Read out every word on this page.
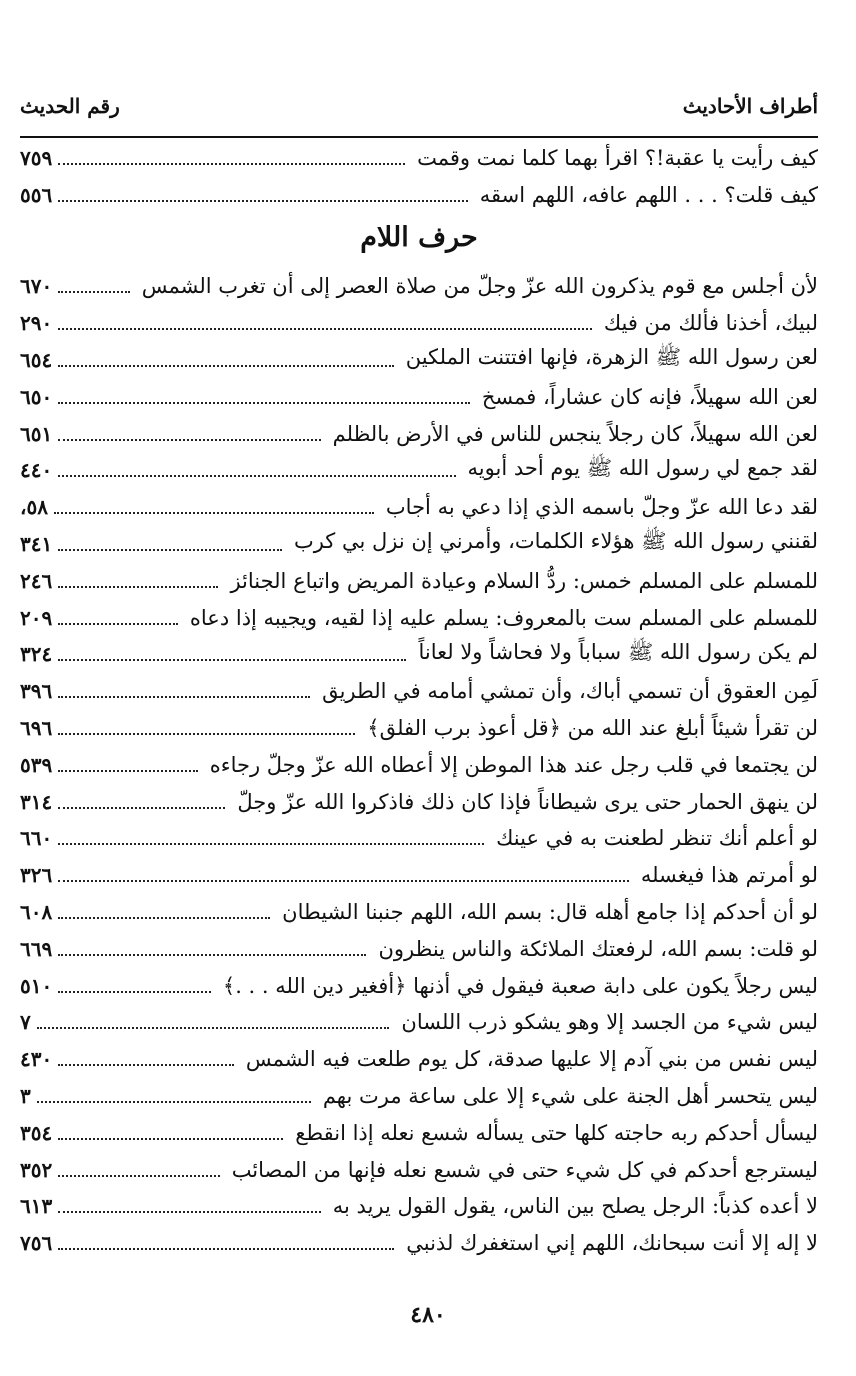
أطراف الأحاديث
رقم الحديث
كيف رأيت يا عقبة!؟ اقرأ بهما كلما نمت وقمت
٧٥٩
كيف قلت؟ . . . اللهم عافه، اللهم اسقه
٥٥٦
حرف اللام
لأن أجلس مع قوم يذكرون الله عزّ وجلّ من صلاة العصر إلى أن تغرب الشمس
٦٧٠
لبيك، أخذنا فألك من فيك
٢٩٠
لعن رسول الله ﷺ الزهرة، فإنها افتتنت الملكين
٦٥٤
لعن الله سهيلاً، فإنه كان عشاراً، فمسخ
٦٥٠
لعن الله سهيلاً، كان رجلاً ينجس للناس في الأرض بالظلم
٦٥١
لقد جمع لي رسول الله ﷺ يوم أحد أبويه
٤٤٠
لقد دعا الله عزّ وجلّ باسمه الذي إذا دعي به أجاب
٥٨،
لقنني رسول الله ﷺ هؤلاء الكلمات، وأمرني إن نزل بي كرب
٣٤١
للمسلم على المسلم خمس: ردُّ السلام وعيادة المريض واتباع الجنائز
٢٤٦
للمسلم على المسلم ست بالمعروف: يسلم عليه إذا لقيه، ويجيبه إذا دعاه
٢٠٩
لم يكن رسول الله ﷺ سباباً ولا فحاشاً ولا لعاناً
٣٢٤
لَمِن العقوق أن تسمي أباك، وأن تمشي أمامه في الطريق
٣٩٦
لن تقرأ شيئاً أبلغ عند الله من ﴿قل أعوذ برب الفلق﴾
٦٩٦
لن يجتمعا في قلب رجل عند هذا الموطن إلا أعطاه الله عزّ وجلّ رجاءه
٥٣٩
لن ينهق الحمار حتى يرى شيطاناً فإذا كان ذلك فاذكروا الله عزّ وجلّ
٣١٤
لو أعلم أنك تنظر لطعنت به في عينك
٦٦٠
لو أمرتم هذا فيغسله
٣٢٦
لو أن أحدكم إذا جامع أهله قال: بسم الله، اللهم جنبنا الشيطان
٦٠٨
لو قلت: بسم الله، لرفعتك الملائكة والناس ينظرون
٦٦٩
ليس رجلاً يكون على دابة صعبة فيقول في أذنها ﴿أفغير دين الله . . .﴾
٥١٠
ليس شيء من الجسد إلا وهو يشكو ذرب اللسان
٧
ليس نفس من بني آدم إلا عليها صدقة، كل يوم طلعت فيه الشمس
٤٣٠
ليس يتحسر أهل الجنة على شيء إلا على ساعة مرت بهم
٣
ليسأل أحدكم ربه حاجته كلها حتى يسأله شسع نعله إذا انقطع
٣٥٤
ليسترجع أحدكم في كل شيء حتى في شسع نعله فإنها من المصائب
٣٥٢
لا أعده كذباً: الرجل يصلح بين الناس، يقول القول يريد به
٦١٣
لا إله إلا أنت سبحانك، اللهم إني استغفرك لذنبي
٧٥٦
٤٨٠
